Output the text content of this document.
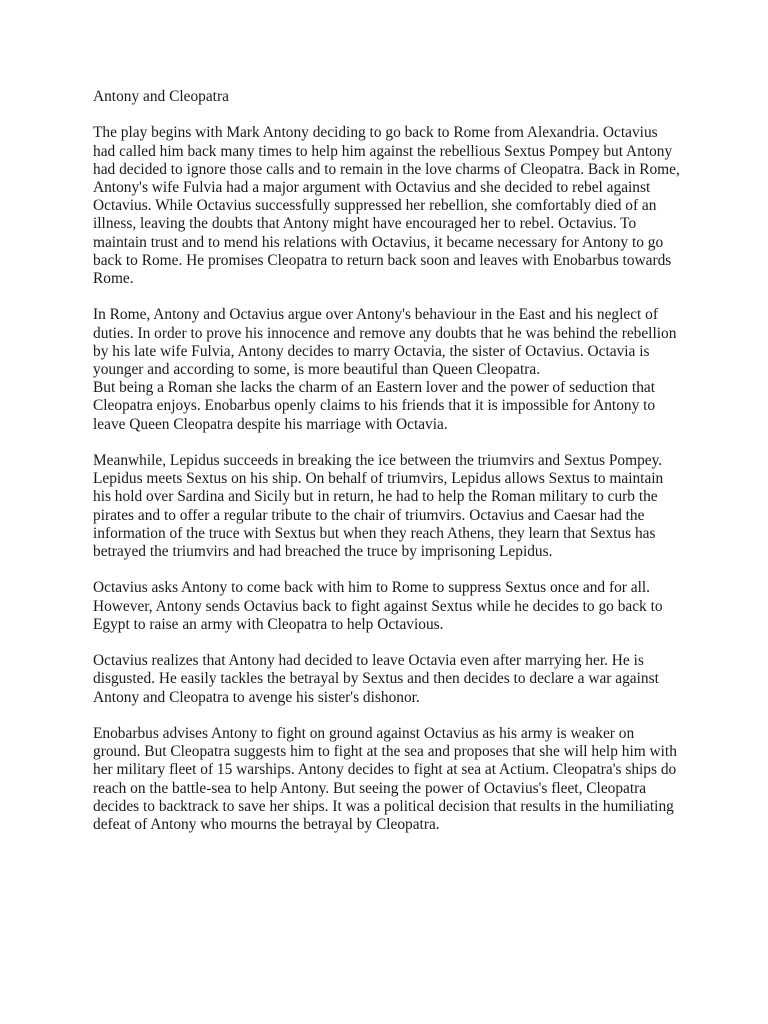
Antony and Cleopatra

The play begins with Mark Antony deciding to go back to Rome from Alexandria. Octavius had called him back many times to help him against the rebellious Sextus Pompey but Antony had decided to ignore those calls and to remain in the love charms of Cleopatra. Back in Rome, Antony's wife Fulvia had a major argument with Octavius and she decided to rebel against Octavius. While Octavius successfully suppressed her rebellion, she comfortably died of an illness, leaving the doubts that Antony might have encouraged her to rebel. Octavius. To maintain trust and to mend his relations with Octavius, it became necessary for Antony to go back to Rome. He promises Cleopatra to return back soon and leaves with Enobarbus towards Rome.

In Rome, Antony and Octavius argue over Antony's behaviour in the East and his neglect of duties. In order to prove his innocence and remove any doubts that he was behind the rebellion by his late wife Fulvia, Antony decides to marry Octavia, the sister of Octavius. Octavia is younger and according to some, is more beautiful than Queen Cleopatra.

But being a Roman she lacks the charm of an Eastern lover and the power of seduction that Cleopatra enjoys. Enobarbus openly claims to his friends that it is impossible for Antony to leave Queen Cleopatra despite his marriage with Octavia.

Meanwhile, Lepidus succeeds in breaking the ice between the triumvirs and Sextus Pompey. Lepidus meets Sextus on his ship. On behalf of triumvirs, Lepidus allows Sextus to maintain his hold over Sardina and Sicily but in return, he had to help the Roman military to curb the pirates and to offer a regular tribute to the chair of triumvirs. Octavius and Caesar had the information of the truce with Sextus but when they reach Athens, they learn that Sextus has betrayed the triumvirs and had breached the truce by imprisoning Lepidus.

Octavius asks Antony to come back with him to Rome to suppress Sextus once and for all. However, Antony sends Octavius back to fight against Sextus while he decides to go back to Egypt to raise an army with Cleopatra to help Octavious.

Octavius realizes that Antony had decided to leave Octavia even after marrying her. He is disgusted. He easily tackles the betrayal by Sextus and then decides to declare a war against Antony and Cleopatra to avenge his sister's dishonor.

Enobarbus advises Antony to fight on ground against Octavius as his army is weaker on ground. But Cleopatra suggests him to fight at the sea and proposes that she will help him with her military fleet of 15 warships. Antony decides to fight at sea at Actium. Cleopatra's ships do reach on the battle-sea to help Antony. But seeing the power of Octavius's fleet, Cleopatra decides to backtrack to save her ships. It was a political decision that results in the humiliating defeat of Antony who mourns the betrayal by Cleopatra.
